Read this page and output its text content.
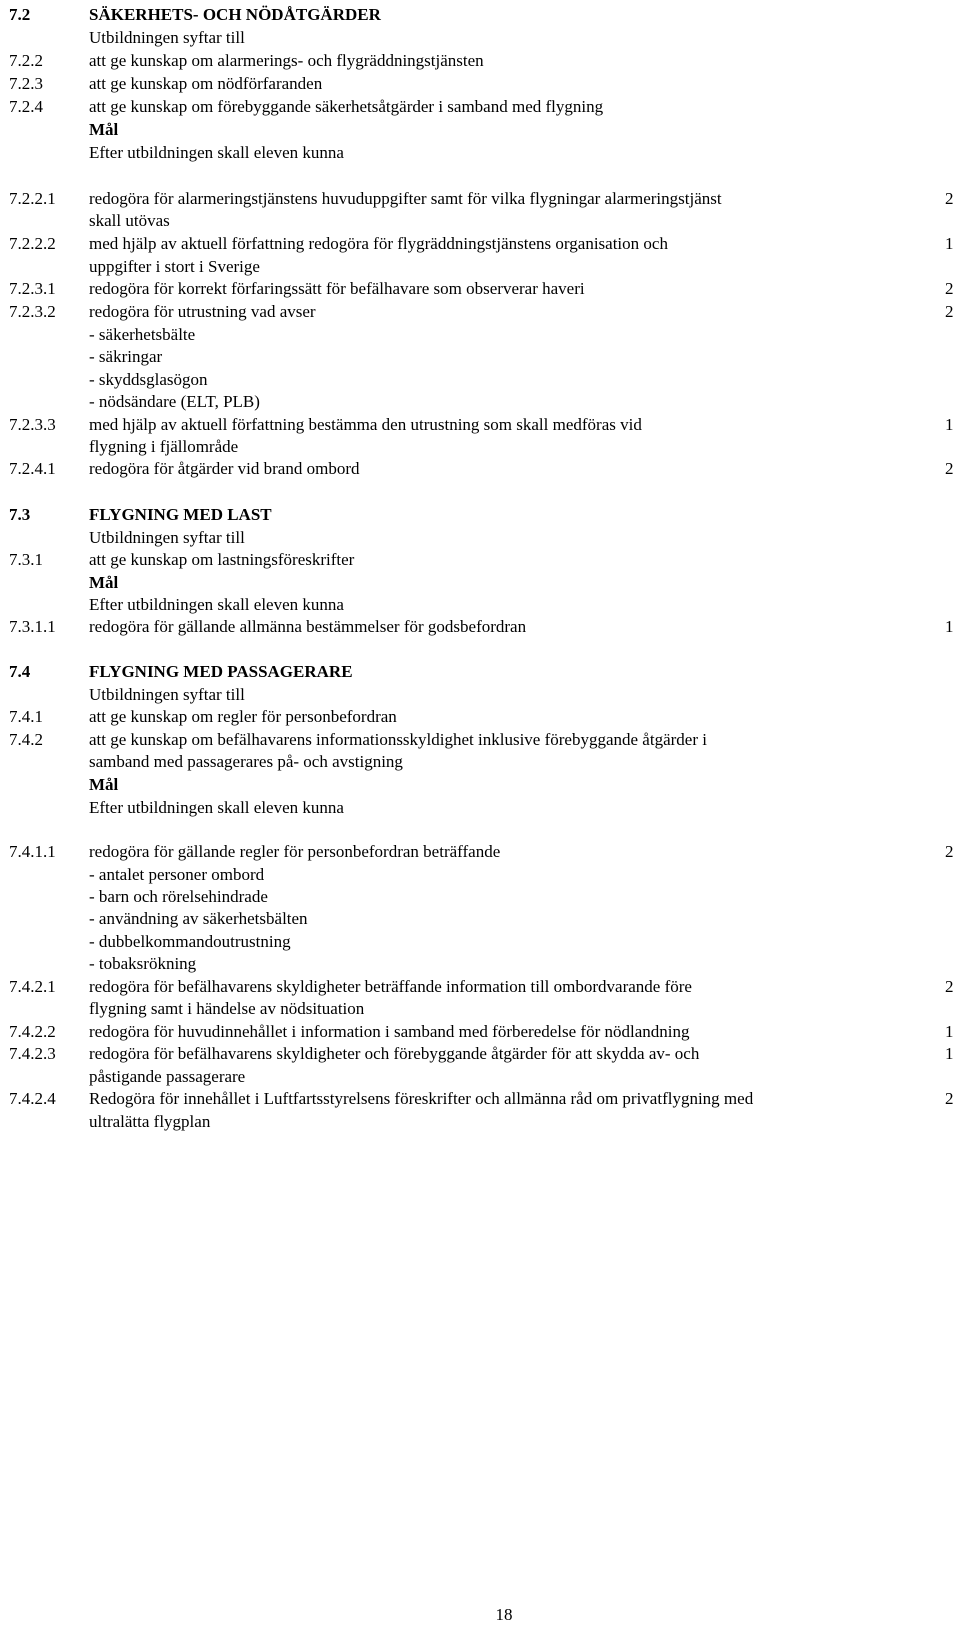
7.2	SÄKERHETS- OCH NÖDÅTGÄRDER
Utbildningen syftar till
7.2.2	att ge kunskap om alarmerings- och flygräddningstjänsten
7.2.3	att ge kunskap om nödförfaranden
7.2.4	att ge kunskap om förebyggande säkerhetsåtgärder i samband med flygning
Mål
Efter utbildningen skall eleven kunna
7.2.2.1 redogöra för alarmeringstjänstens huvuduppgifter samt för vilka flygningar alarmeringstjänst	2
skall utövas
7.2.2.2 med hjälp av aktuell författning redogöra för flygräddningstjänstens organisation och	1
uppgifter i stort i Sverige
7.2.3.1 redogöra för korrekt förfaringssätt för befälhavare som observerar haveri	2
7.2.3.2 redogöra för utrustning vad avser	2
- säkerhetsbälte
- säkringar
- skyddsglasögon
- nödsändare (ELT, PLB)
7.2.3.3 med hjälp av aktuell författning bestämma den utrustning som skall medföras vid	1
flygning i fjällområde
7.2.4.1 redogöra för åtgärder vid brand ombord	2
7.3	FLYGNING MED LAST
Utbildningen syftar till
7.3.1	att ge kunskap om lastningsföreskrifter
Mål
Efter utbildningen skall eleven kunna
7.3.1.1 redogöra för gällande allmänna bestämmelser för godsbefordran	1
7.4	FLYGNING MED PASSAGERARE
Utbildningen syftar till
7.4.1	att ge kunskap om regler för personbefordran
7.4.2	att ge kunskap om befälhavarens informationsskyldighet inklusive förebyggande åtgärder i
samband med passagerares på- och avstigning
Mål
Efter utbildningen skall eleven kunna
7.4.1.1 redogöra för gällande regler för personbefordran beträffande	2
- antalet personer ombord
- barn och rörelsehindrade
- användning av säkerhetsbälten
- dubbelkommandoutrustning
- tobaksrökning
7.4.2.1 redogöra för befälhavarens skyldigheter beträffande information till ombordvarande före	2
flygning samt i händelse av nödsituation
7.4.2.2 redogöra för huvudinnehållet i information i samband med förberedelse för nödlandning	1
7.4.2.3 redogöra för befälhavarens skyldigheter och förebyggande åtgärder för att skydda av- och	1
påstigande passagerare
7.4.2.4 Redogöra för innehållet i Luftfartsstyrelsens föreskrifter och allmänna råd om privatflygning med	2
ultralätta flygplan
18
